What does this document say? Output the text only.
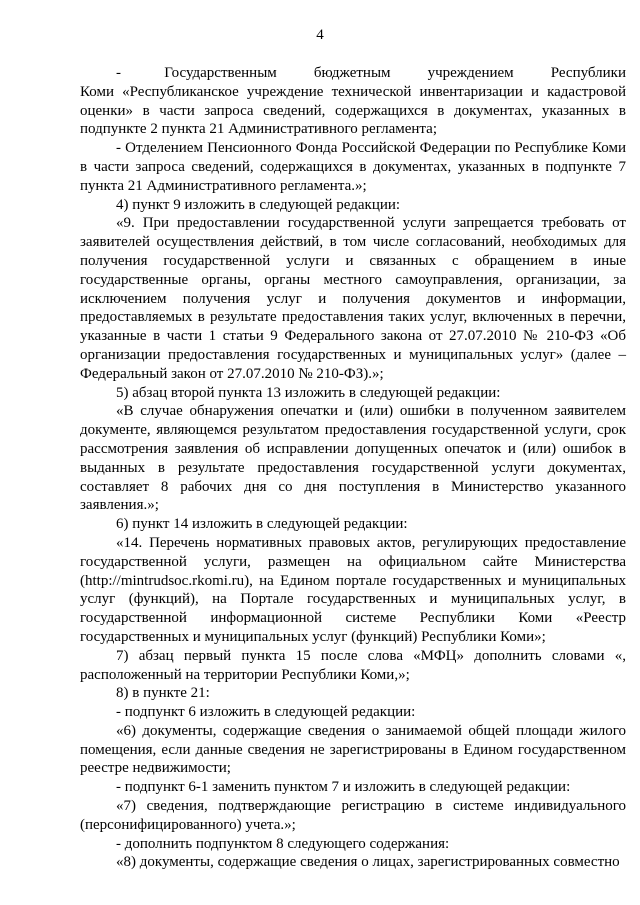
4

-       Государственным      бюджетным      учреждением      Республики

Коми «Республиканское учреждение технической инвентаризации и кадастровой оценки» в части запроса сведений, содержащихся в документах, указанных в подпункте 2 пункта 21 Административного регламента;

- Отделением Пенсионного Фонда Российской Федерации по Республике Коми в части запроса сведений, содержащихся в документах, указанных в подпункте 7 пункта 21 Административного регламента.»;

4) пункт 9 изложить в следующей редакции:

«9. При предоставлении государственной услуги запрещается требовать от заявителей осуществления действий, в том числе согласований, необходимых для получения государственной услуги и связанных с обращением в иные государственные органы, органы местного самоуправления, организации, за исключением получения услуг и получения документов и информации, предоставляемых в результате предоставления таких услуг, включенных в перечни, указанные в части 1 статьи 9 Федерального закона от 27.07.2010 № 210-ФЗ «Об организации предоставления государственных и муниципальных услуг» (далее – Федеральный закон от 27.07.2010 № 210-ФЗ).»;

5) абзац второй пункта 13 изложить в следующей редакции:

«В случае обнаружения опечатки и (или) ошибки в полученном заявителем документе, являющемся результатом предоставления государственной услуги, срок рассмотрения заявления об исправлении допущенных опечаток и (или) ошибок в выданных в результате предоставления государственной услуги документах, составляет 8 рабочих дня со дня поступления в Министерство указанного заявления.»;

6) пункт 14 изложить в следующей редакции:

«14. Перечень нормативных правовых актов, регулирующих предоставление государственной услуги, размещен на официальном сайте Министерства (http://mintrudsoc.rkomi.ru), на Едином портале государственных и муниципальных услуг (функций), на Портале государственных и муниципальных услуг, в государственной информационной системе Республики Коми «Реестр государственных и муниципальных услуг (функций) Республики Коми»;

7) абзац первый пункта 15 после слова «МФЦ» дополнить словами «, расположенный на территории Республики Коми,»;

8) в пункте 21:

- подпункт 6 изложить в следующей редакции:

«6) документы, содержащие сведения о занимаемой общей площади жилого помещения, если данные сведения не зарегистрированы в Едином государственном реестре недвижимости;

- подпункт 6-1 заменить пунктом 7 и изложить в следующей редакции:

«7) сведения, подтверждающие регистрацию в системе индивидуального (персонифицированного) учета.»;

- дополнить подпунктом 8 следующего содержания:

«8) документы, содержащие сведения о лицах, зарегистрированных совместно
